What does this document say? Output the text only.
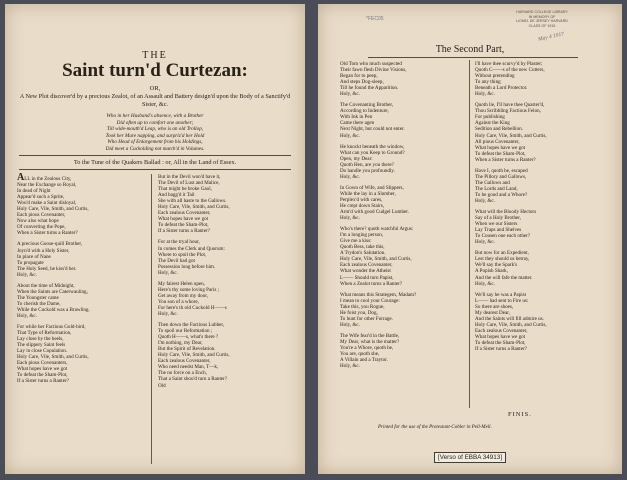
THE
Saint turn'd Curtezan:
OR,
A New Plot discover'd by a precious Zealot, of an Assault and Battery design'd upon the Body of a Sanctify'd Sister, &c.
Who in her Husband's absence, with a Brother
Did often up to comfort one another;
Till wide-mouth'd Leap, who is an old Trollop,
Took her Mare napping, and surpriz'd her Hold
Who Head of Enlargement from his Holdings,
Did meet a Cuckolding not match'd in Volumes.
To the Tune of the Quakers Ballad : or, All in the Land of Essex.
ALL in the Zealous City,
Near the Exchange so Royal,
In dead of Night
Appear'd such a Sprite,
Wou'd make a Saint disloyal,
Holy Care, Vile, Smith, and Curtis,
Each pious Covenanter,
Now also what hope
Of converting the Pope,
When a Sister turns a Ranter?
A precious Goose-quill Brother,
Joyn'd with a Holy Sister,
In place of Nane
To propagate
The Holy Seed, he kiss'd her.
Holy, &c.
About the time of Midnight,
When the Saints are Caterwauling,
The Youngster came
To cherish the Dame,
While the Cuckold was a Brawling.
Holy, &c.
For while her Factious Gold-bird,
That Type of Reformation,
Lay close by the heels,
The slippery Saint feels
Lay in close Copulation.
Holy Care, Vile, Smith, and Curtis,
Each pious Covenanters,
What hopes have we got
To defeat the Sham-Plot,
If a Sister turns a Ranter?
But in the Devil won'd have it,
The Devil of Lust and Malice,
That might be broke Gaol,
And bagg'd it Tail
She with all haste to the Gallows.
Holy Care, Vile, Smith, and Curtis,
Each zealous Covenanter,
What hopes have we got
To defeat the Sham-Plot,
If a Sister turns a Ranter?
For at the tryal hour,
In comes the Clerk and Quorum:
Where to spoil the Plot,
The Devil had got
Possession long before him.
Holy, &c.
My fairest Helen open,
Here's thy some loving Paris ;
Get away from my door,
You son of a whore,
For here's th old Cuckold H——s
Holy, &c.
Then down the Factious Lubber,
To spoil our Reformation ;
Quoth H——s, what's there ?
I'm nothing, my Dear,
But the Spirit of Revelation.
Holy Care, Vile, Smith, and Curtis,
Each zealous Covenanter,
Who need needst Man, T—k,
The no force on a Ench,
That a Saint shou'd turn a Ranter?
Old
*FEC05
HARVARD COLLEGE LIBRARY
IN MEMORY OF
LIONEL DE JERSEY HARVARD
CLASS OF 1915
May 4 1917
The Second Part,
Old Tom who much suspected
Their fawn flesh Divine Visions,
Began for to peep,
And steps Dog-sleep,
Till he found the Apparition.
Holy, &c.
The Covenanting Brother,
According to Indenture,
With Ink in Pen
Came there agen
Next Night, but could not enter.
Holy, &c.
He knockt beneath the window,
What can you Keep to Ground?
Open, my Dear:
Quoth Hen, are you there?
Do handle you profoundly.
Holy, &c.
In Gown of Wife, and Slippers,
While the lay in a Slumber,
Perplex'd with cares,
He crept down Stairs,
Arm'd with good Cudgel Lumber.
Holy, &c.
Who's there? quoth watchful Argus:
I'm a longing person,
Give me a kiss:
Quoth Bess, take this,
A Trydon's Salutation.
Holy Care, Vile, Smith, and Curtis,
Each zealous Covenanter,
What wonder the Atheist
L—— Should turn Papist,
When a Zealot turns a Ranter?
What means this Strategem, Madam?
I mean to cool your Courage:
Take this, you Rogue,
He foist you, Dog,
To hunt for other Forrage.
Holy, &c.
The Wife fear'd in the Battle,
My Dear, what is the matter?
You're a Whore, quoth he,
You are, quoth she,
A Villain and a Traytor.
Holy, &c.
I'll have thee scurvy'd by Plaster;
Quoth C——s of the new Cutters,
Without pretending
To any thing
Beneath a Lord Protector.
Holy, &c.
Quoth lie, I'll have thee Quarter'd,
Thou Scribbling Factious Felon,
For publishing
Against the King
Sedition and Rebellion.
Holy Care, Vile, Smith, and Curtis,
All pious Covenanter,
What hopes have we got
To defeat the Sham-Plot,
When a Sister turns a Ranter?
Have I, quoth he, escaped
The Pillory and Gallows,
The Gallows and
The Lords and Land,
To be good and a Whore?
Holy, &c.
What will the Bloody Hectors
Say of a Holy Brother,
When we our Sisters
Lay Traps and Shelves
To Cousen one each other?
Holy, &c.
But now for an Expedient,
Lest they should us betray,
We'll say the Spark's
A Popish Shark,
And the will fafe the matter.
Holy, &c.
We'll say he was a Papist
L—— had sent to Fire us:
So there are shoes,
My dearest Dear,
And the Saints will fill admire us.
Holy Care, Vile, Smith, and Curtis,
Each zealous Covenanter,
What hopes have we got
To defeat the Sham-Plot,
If a Sister turns a Ranter?
FINIS.
Printed for the use of the Protestant-Cobler in Pell-Mell.
[Verso of EBBA 34913]
